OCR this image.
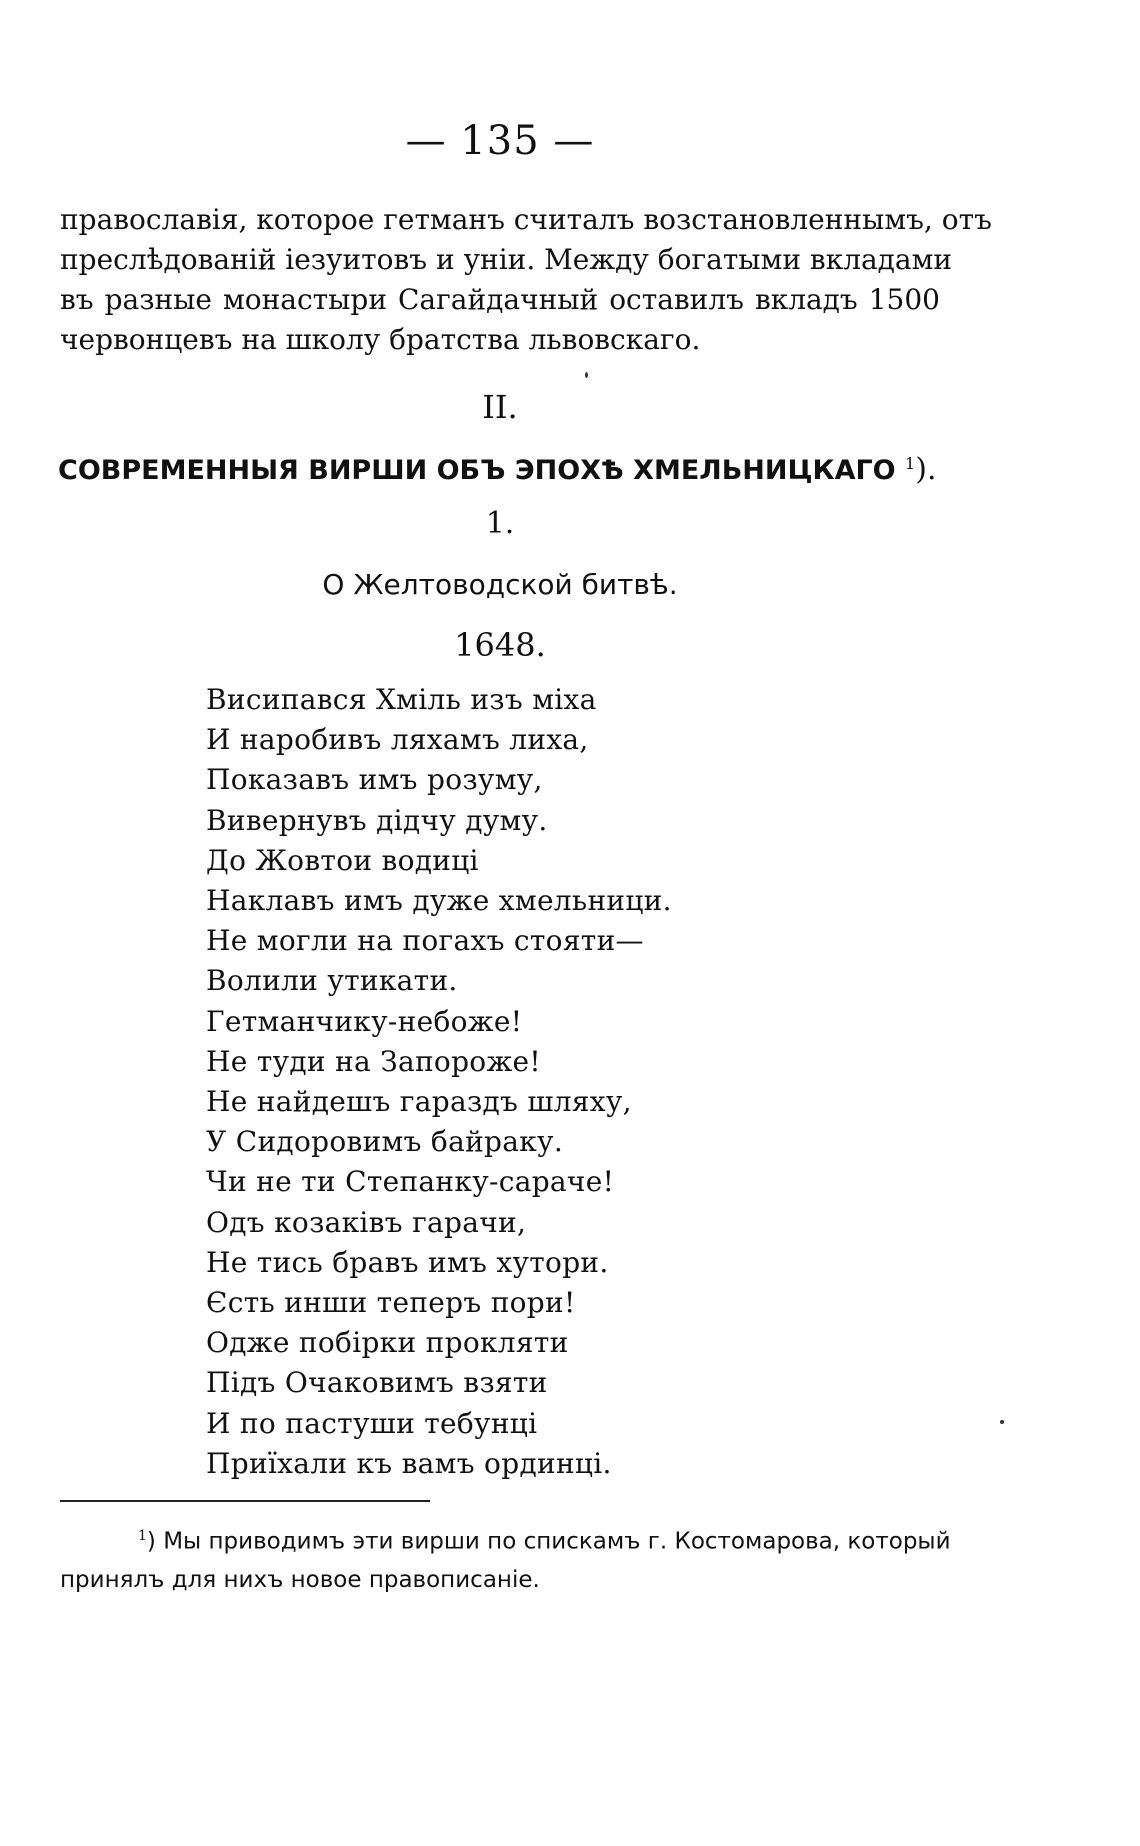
— 135 —
православія, которое гетманъ считалъ возстановленнымъ, отъ
преслѣдованій іезуитовъ и уніи. Между богатыми вкладами
въ разные монастыри Сагайдачный оставилъ вкладъ 1500
червонцевъ на школу братства львовскаго.
II.
СОВРЕМЕННЫЯ ВИРШИ ОБЪ ЭПОХѢ ХМЕЛЬНИЦКАГО $^1$).
1.
О Желтоводской битвѣ.
1648.
Висипався Хміль изъ міха
И наробивъ ляхамъ лиха,
Показавъ имъ розуму,
Вивернувъ дідчу думу.
До Жовтои водиці
Наклавъ имъ дуже хмельници.
Не могли на погахъ стояти—
Волили утикати.
Гетманчику-небоже!
Не туди на Запороже!
Не найдешъ гараздъ шляху,
У Сидоровимъ байраку.
Чи не ти Степанку-сараче!
Одъ козаківъ гарачи,
Не тись бравъ имъ хутори.
Єсть инши теперъ пори!
Одже побірки прокляти
Підъ Очаковимъ взяти
И по пастуши тебунці
Приїхали къ вамъ ординці.
$^1$) Мы приводимъ эти вирши по спискамъ г. Костомарова, который
принялъ для нихъ новое правописаніе.
